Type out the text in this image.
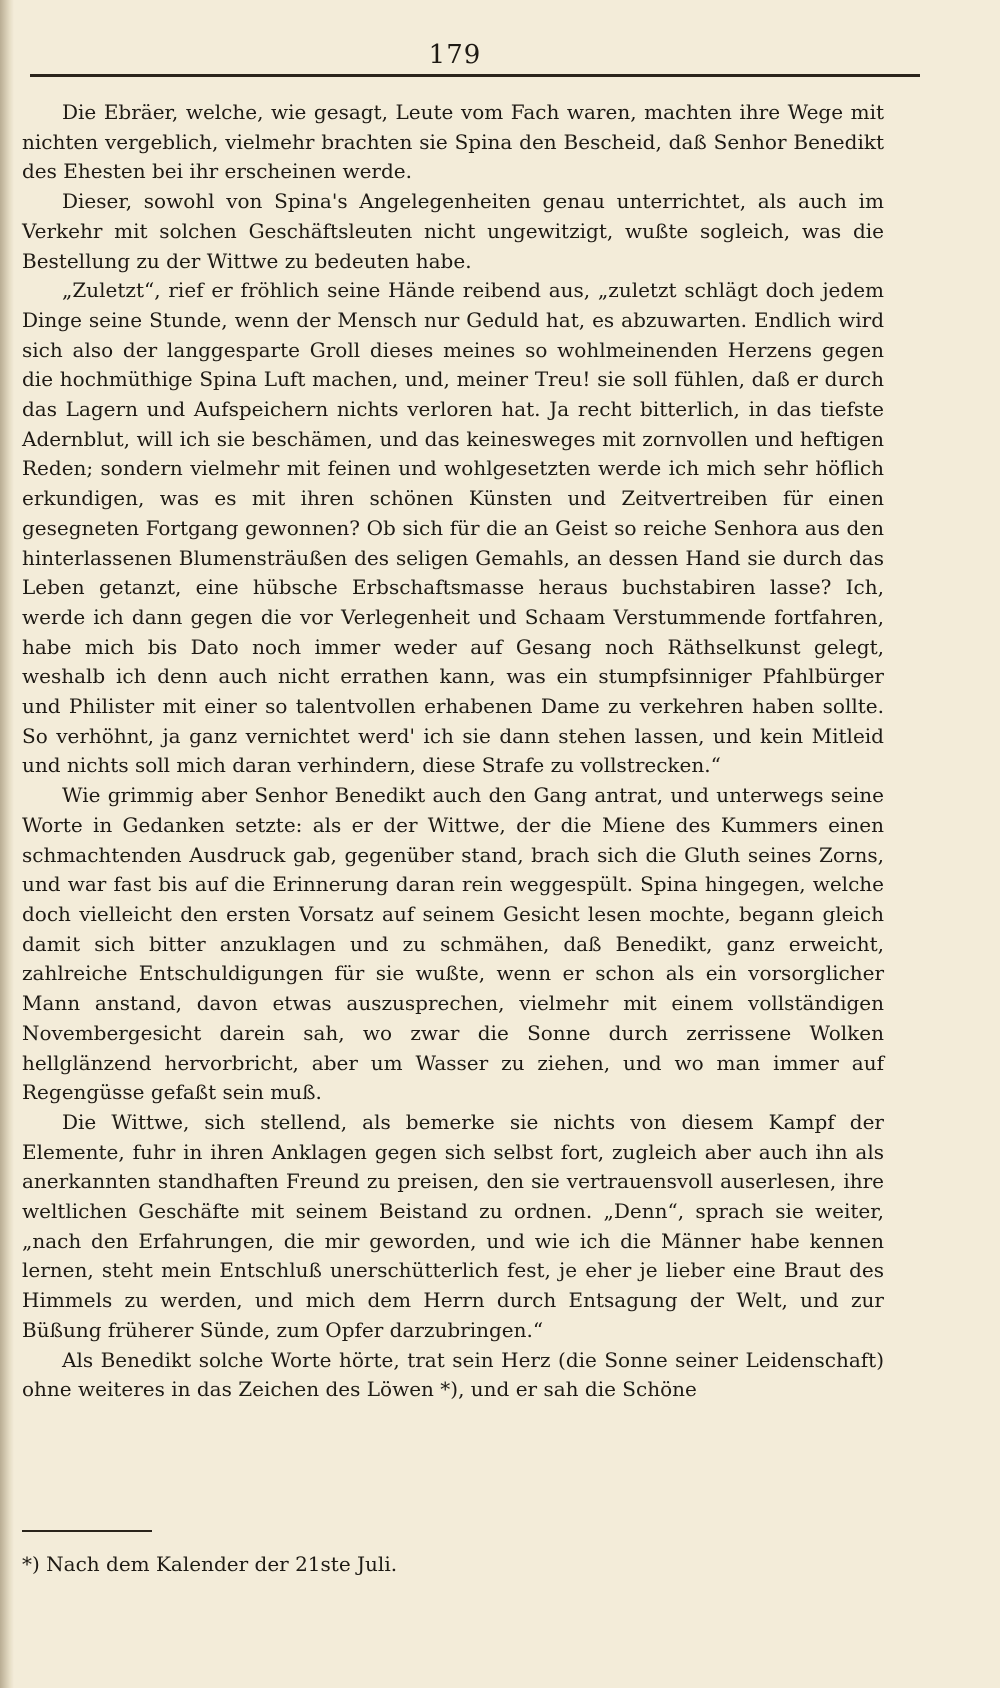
179

Die Ebräer, welche, wie gesagt, Leute vom Fach waren, machten ihre Wege mit nichten vergeblich, vielmehr brachten sie Spina den Bescheid, daß Senhor Benedikt des Ehesten bei ihr erscheinen werde.

Dieser, sowohl von Spina's Angelegenheiten genau unterrichtet, als auch im Verkehr mit solchen Geschäftsleuten nicht ungewitzigt, wußte sogleich, was die Bestellung zu der Wittwe zu bedeuten habe.

„Zuletzt“, rief er fröhlich seine Hände reibend aus, „zuletzt schlägt doch jedem Dinge seine Stunde, wenn der Mensch nur Geduld hat, es abzuwarten. Endlich wird sich also der langgesparte Groll dieses meines so wohlmeinenden Herzens gegen die hochmüthige Spina Luft machen, und, meiner Treu! sie soll fühlen, daß er durch das Lagern und Aufspeichern nichts verloren hat. Ja recht bitterlich, in das tiefste Adernblut, will ich sie beschämen, und das keinesweges mit zornvollen und heftigen Reden; sondern vielmehr mit feinen und wohlgesetzten werde ich mich sehr höflich erkundigen, was es mit ihren schönen Künsten und Zeitvertreiben für einen gesegneten Fortgang gewonnen? Ob sich für die an Geist so reiche Senhora aus den hinterlassenen Blumensträußen des seligen Gemahls, an dessen Hand sie durch das Leben getanzt, eine hübsche Erbschaftsmasse heraus buchstabiren lasse? Ich, werde ich dann gegen die vor Verlegenheit und Schaam Verstummende fortfahren, habe mich bis Dato noch immer weder auf Gesang noch Räthselkunst gelegt, weshalb ich denn auch nicht errathen kann, was ein stumpfsinniger Pfahlbürger und Philister mit einer so talentvollen erhabenen Dame zu verkehren haben sollte. So verhöhnt, ja ganz vernichtet werd' ich sie dann stehen lassen, und kein Mitleid und nichts soll mich daran verhindern, diese Strafe zu vollstrecken.“

Wie grimmig aber Senhor Benedikt auch den Gang antrat, und unterwegs seine Worte in Gedanken setzte: als er der Wittwe, der die Miene des Kummers einen schmachtenden Ausdruck gab, gegenüber stand, brach sich die Gluth seines Zorns, und war fast bis auf die Erinnerung daran rein weggespült. Spina hingegen, welche doch vielleicht den ersten Vorsatz auf seinem Gesicht lesen mochte, begann gleich damit sich bitter anzuklagen und zu schmähen, daß Benedikt, ganz erweicht, zahlreiche Entschuldigungen für sie wußte, wenn er schon als ein vorsorglicher Mann anstand, davon etwas auszusprechen, vielmehr mit einem vollständigen Novembergesicht darein sah, wo zwar die Sonne durch zerrissene Wolken hellglänzend hervorbricht, aber um Wasser zu ziehen, und wo man immer auf Regengüsse gefaßt sein muß.

Die Wittwe, sich stellend, als bemerke sie nichts von diesem Kampf der Elemente, fuhr in ihren Anklagen gegen sich selbst fort, zugleich aber auch ihn als anerkannten standhaften Freund zu preisen, den sie vertrauensvoll auserlesen, ihre weltlichen Geschäfte mit seinem Beistand zu ordnen. „Denn“, sprach sie weiter, „nach den Erfahrungen, die mir geworden, und wie ich die Männer habe kennen lernen, steht mein Entschluß unerschütterlich fest, je eher je lieber eine Braut des Himmels zu werden, und mich dem Herrn durch Entsagung der Welt, und zur Büßung früherer Sünde, zum Opfer darzubringen.“

Als Benedikt solche Worte hörte, trat sein Herz (die Sonne seiner Leidenschaft) ohne weiteres in das Zeichen des Löwen *), und er sah die Schöne

*) Nach dem Kalender der 21ste Juli.
